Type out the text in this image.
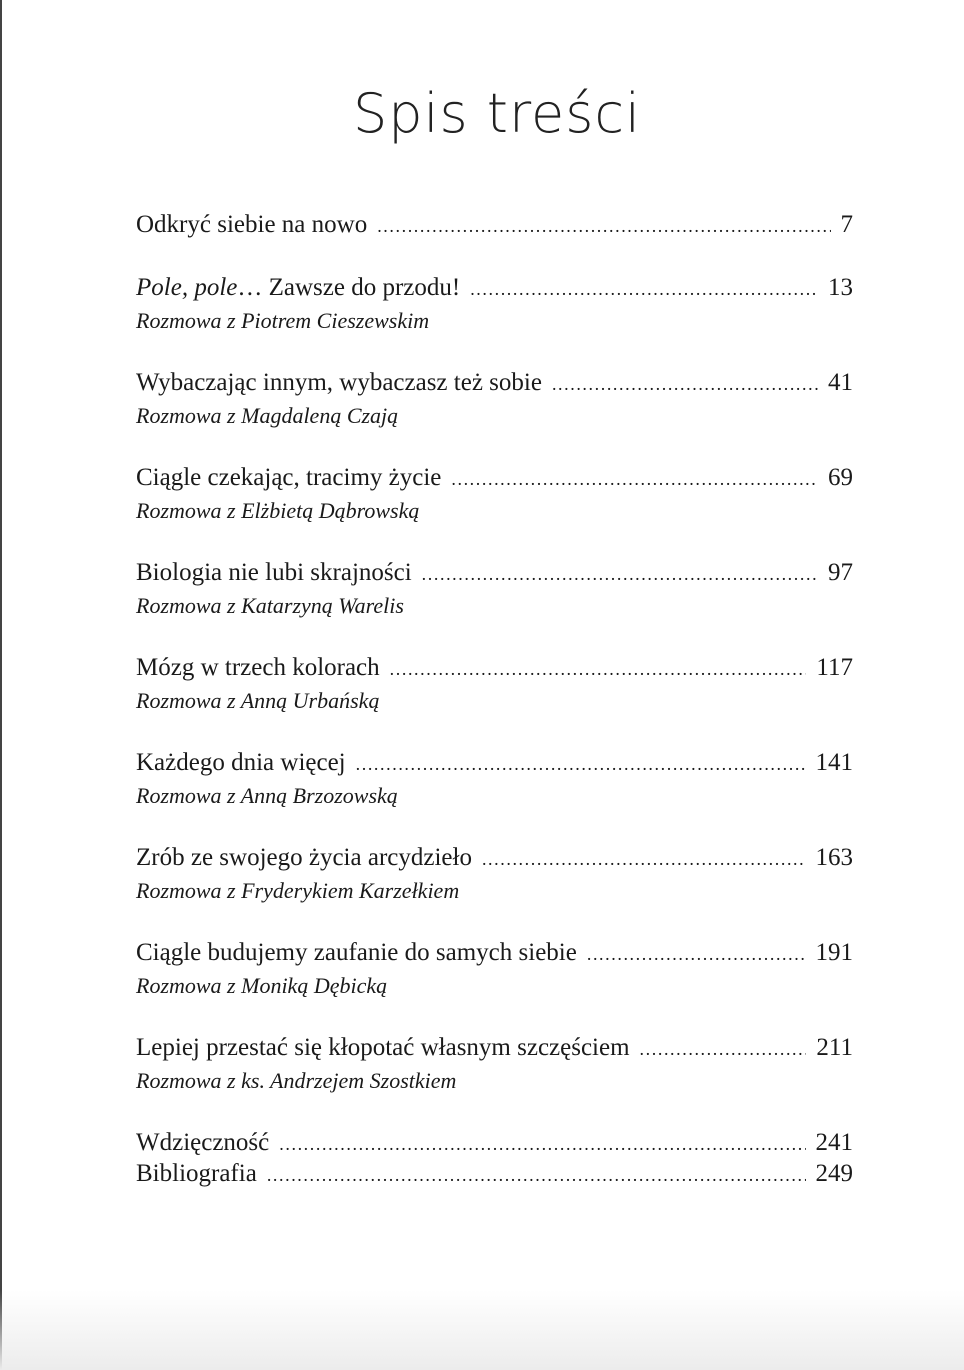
Spis treści
Odkryć siebie na nowo .....	7
Pole, pole… Zawsze do przodu! .....	13
Rozmowa z Piotrem Cieszewskim
Wybaczając innym, wybaczasz też sobie .....	41
Rozmowa z Magdaleną Czają
Ciągle czekając, tracimy życie .....	69
Rozmowa z Elżbietą Dąbrowską
Biologia nie lubi skrajności .....	97
Rozmowa z Katarzyną Warelis
Mózg w trzech kolorach .....	117
Rozmowa z Anną Urbańską
Każdego dnia więcej .....	141
Rozmowa z Anną Brzozowską
Zrób ze swojego życia arcydzieło .....	163
Rozmowa z Fryderykiem Karzełkiem
Ciągle budujemy zaufanie do samych siebie .....	191
Rozmowa z Moniką Dębicką
Lepiej przestać się kłopotać własnym szczęściem .....	211
Rozmowa z ks. Andrzejem Szostkiem
Wdzięczność .....	241
Bibliografia .....	249
